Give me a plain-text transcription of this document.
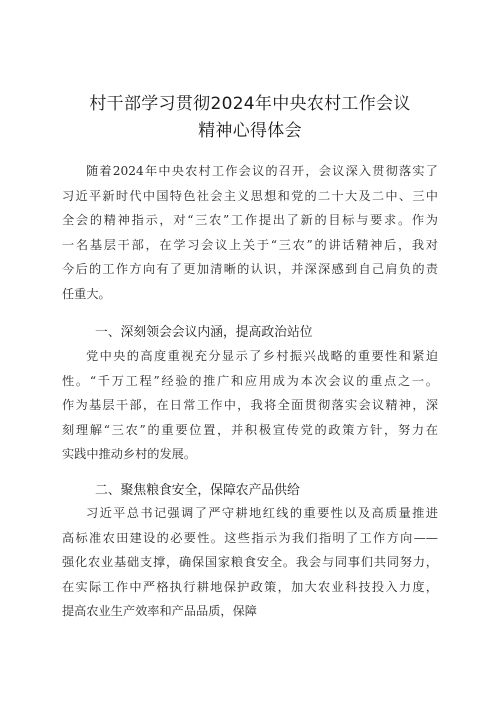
村干部学习贯彻2024年中央农村工作会议
精神心得体会
随着2024年中央农村工作会议的召开，会议深入贯彻落实了
习近平新时代中国特色社会主义思想和党的二十大及二中、三中
全会的精神指示，对“三农”工作提出了新的目标与要求。作为
一名基层干部，在学习会议上关于“三农”的讲话精神后，我对
今后的工作方向有了更加清晰的认识，并深深感到自己肩负的责
任重大。
一、深刻领会会议内涵，提高政治站位
党中央的高度重视充分显示了乡村振兴战略的重要性和紧迫
性。“千万工程”经验的推广和应用成为本次会议的重点之一。
作为基层干部，在日常工作中，我将全面贯彻落实会议精神，深
刻理解“三农”的重要位置，并积极宣传党的政策方针，努力在
实践中推动乡村的发展。
二、聚焦粮食安全，保障农产品供给
习近平总书记强调了严守耕地红线的重要性以及高质量推进
高标准农田建设的必要性。这些指示为我们指明了工作方向——
强化农业基础支撑，确保国家粮食安全。我会与同事们共同努力，
在实际工作中严格执行耕地保护政策，加大农业科技投入力度，
提高农业生产效率和产品品质，保障
